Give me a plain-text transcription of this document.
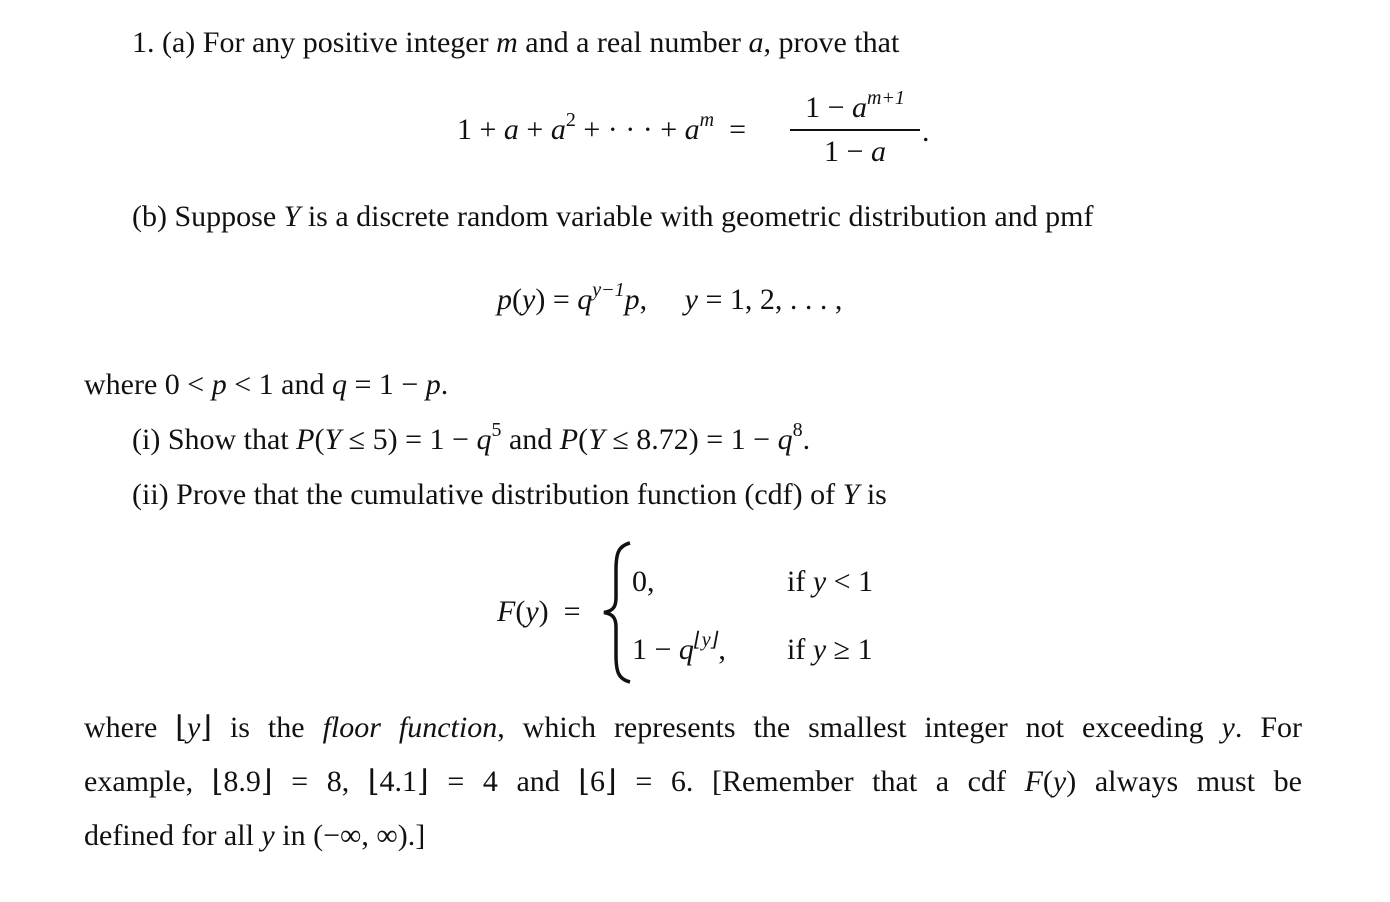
1. (a) For any positive integer m and a real number a, prove that
$1 + a + a^2$ + · · · + $a^m$  =
$1 - a^{m+1}$
1 − a
.
(b) Suppose Y is a discrete random variable with geometric distribution and pmf
$p(y) = q^{y-1}p$,     y = 1, 2, . . . ,
where 0 < p < 1 and q = 1 − p.
(i) Show that $P(Y \le 5) = 1 - q^5$ and $P(Y \le 8.72) = 1 - q^8$.
(ii) Prove that the cumulative distribution function (cdf) of Y is
F(y)  =
0,	if y < 1
$1 - q^{⌊y⌋}$, if y ≥ 1
where ⌊y⌋ is the floor function, which represents the smallest integer not exceeding y. For
example, ⌊8.9⌋ = 8, ⌊4.1⌋ = 4 and ⌊6⌋ = 6. [Remember that a cdf F(y) always must be
defined for all y in (−∞, ∞).]
